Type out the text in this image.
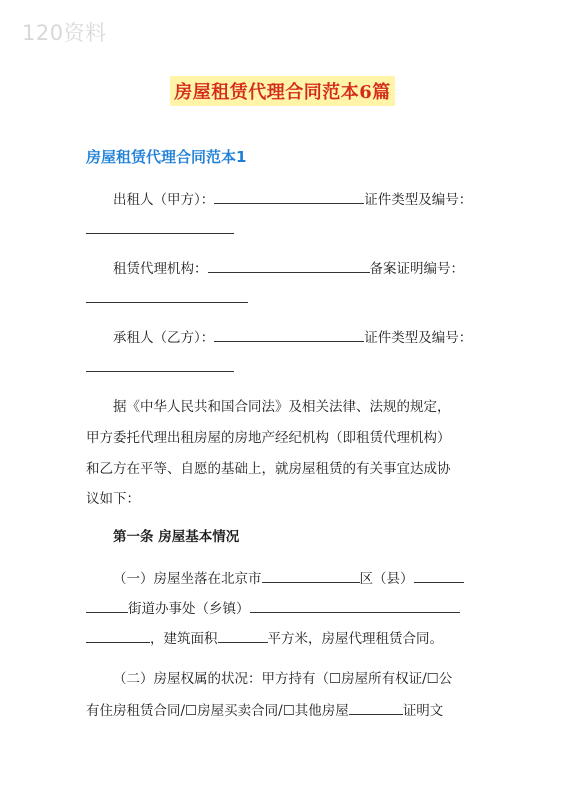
120资料
房屋租赁代理合同范本6篇
房屋租赁代理合同范本1
出租人（甲方）：	证件类型及编号：
租赁代理机构：	备案证明编号：
承租人（乙方）：	证件类型及编号：
据《中华人民共和国合同法》及相关法律、法规的规定，
甲方委托代理出租房屋的房地产经纪机构（即租赁代理机构）
和乙方在平等、自愿的基础上，就房屋租赁的有关事宜达成协
议如下：
第一条 房屋基本情况
（一）房屋坐落在北京市	区（县）
街道办事处（乡镇）
，建筑面积	平方米，房屋代理租赁合同。
（二）房屋权属的状况：甲方持有（☐房屋所有权证/☐公
有住房租赁合同/☐房屋买卖合同/☐其他房屋	证明文
